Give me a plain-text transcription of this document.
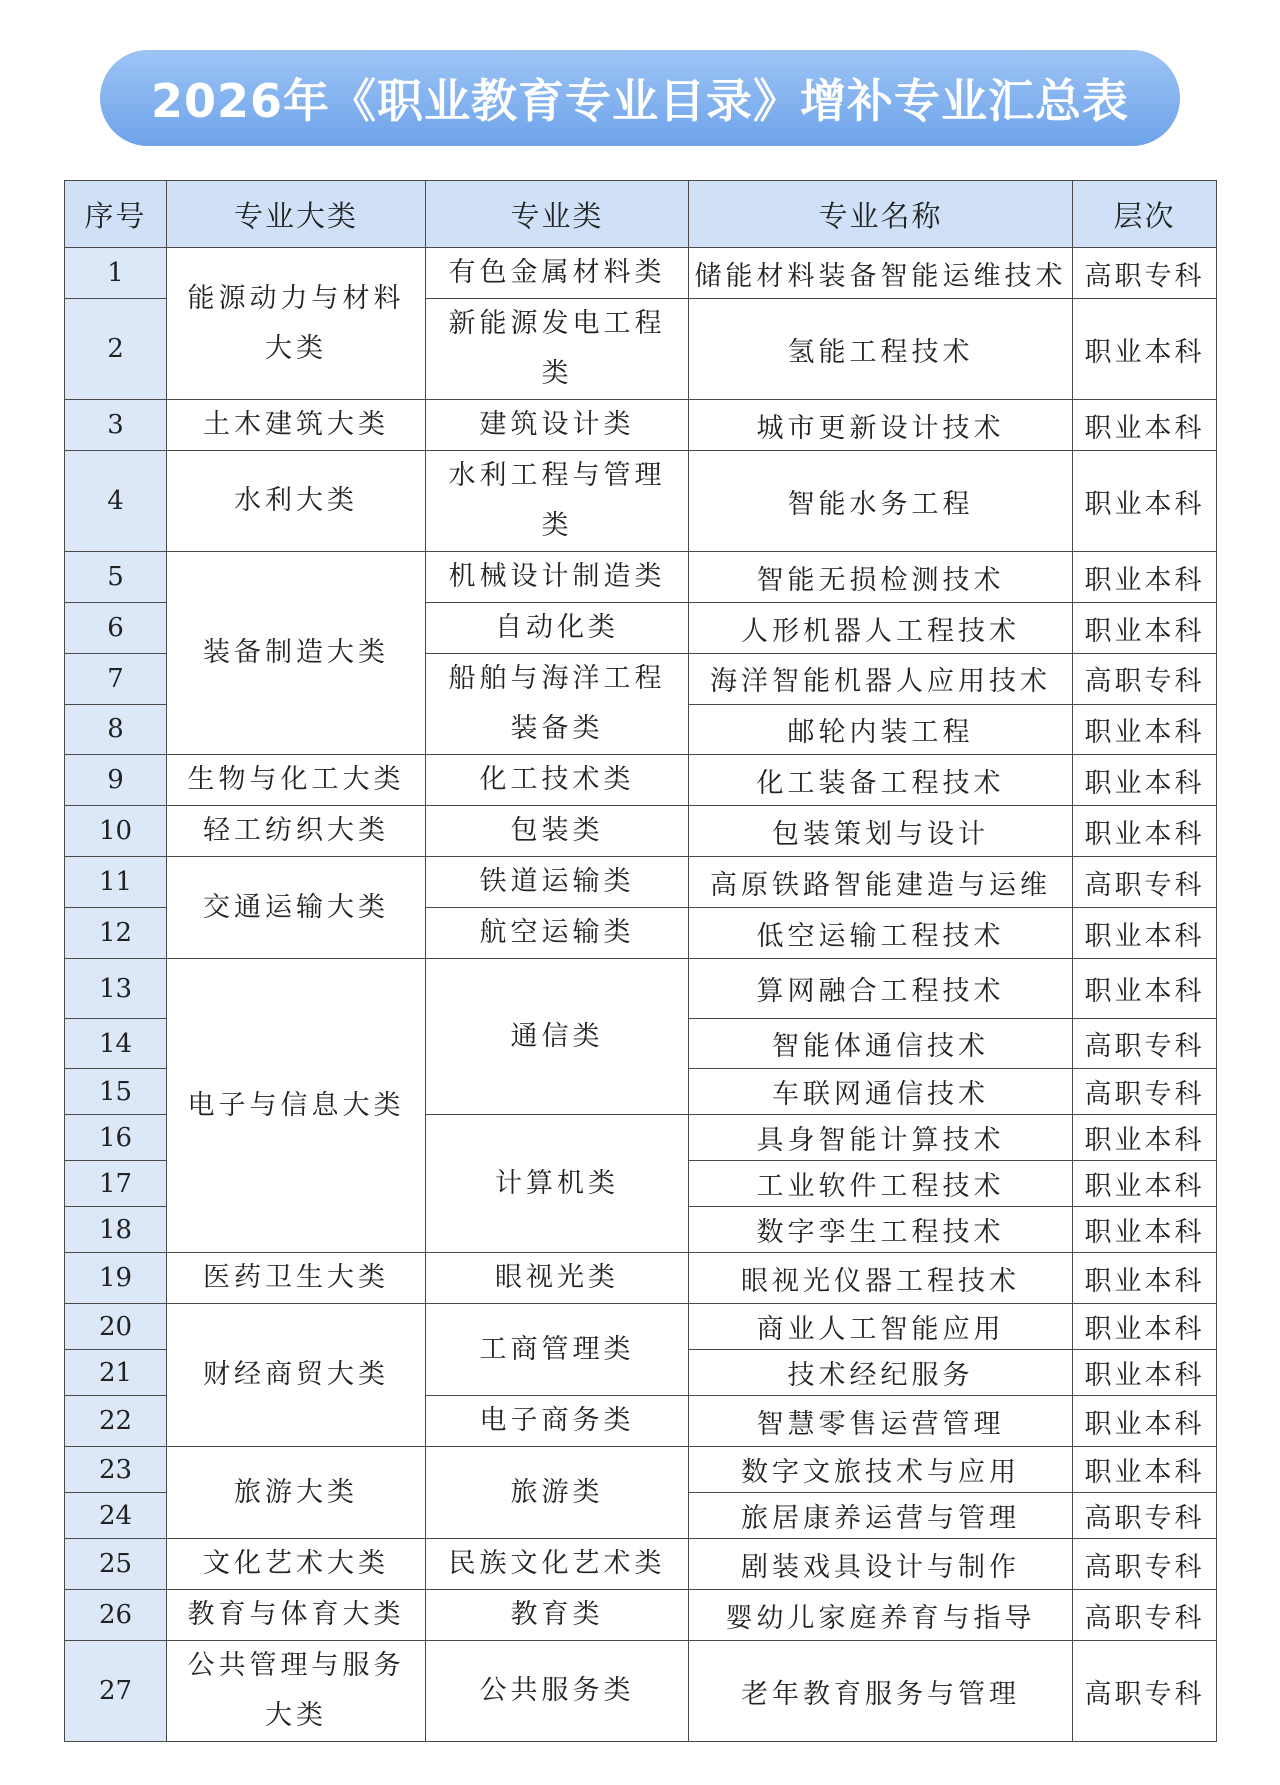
2026年《职业教育专业目录》增补专业汇总表
序号	专业大类	专业类	专业名称	层次
1	能源动力与材料大类	有色金属材料类	储能材料装备智能运维技术	高职专科
2		新能源发电工程类	氢能工程技术	职业本科
3	土木建筑大类	建筑设计类	城市更新设计技术	职业本科
4	水利大类	水利工程与管理类	智能水务工程	职业本科
5	装备制造大类	机械设计制造类	智能无损检测技术	职业本科
6		自动化类	人形机器人工程技术	职业本科
7		船舶与海洋工程装备类	海洋智能机器人应用技术	高职专科
8			邮轮内装工程	职业本科
9	生物与化工大类	化工技术类	化工装备工程技术	职业本科
10	轻工纺织大类	包装类	包装策划与设计	职业本科
11	交通运输大类	铁道运输类	高原铁路智能建造与运维	高职专科
12		航空运输类	低空运输工程技术	职业本科
13	电子与信息大类	通信类	算网融合工程技术	职业本科
14			智能体通信技术	高职专科
15			车联网通信技术	高职专科
16		计算机类	具身智能计算技术	职业本科
17			工业软件工程技术	职业本科
18			数字孪生工程技术	职业本科
19	医药卫生大类	眼视光类	眼视光仪器工程技术	职业本科
20	财经商贸大类	工商管理类	商业人工智能应用	职业本科
21			技术经纪服务	职业本科
22		电子商务类	智慧零售运营管理	职业本科
23	旅游大类	旅游类	数字文旅技术与应用	职业本科
24			旅居康养运营与管理	高职专科
25	文化艺术大类	民族文化艺术类	剧装戏具设计与制作	高职专科
26	教育与体育大类	教育类	婴幼儿家庭养育与指导	高职专科
27	公共管理与服务大类	公共服务类	老年教育服务与管理	高职专科
